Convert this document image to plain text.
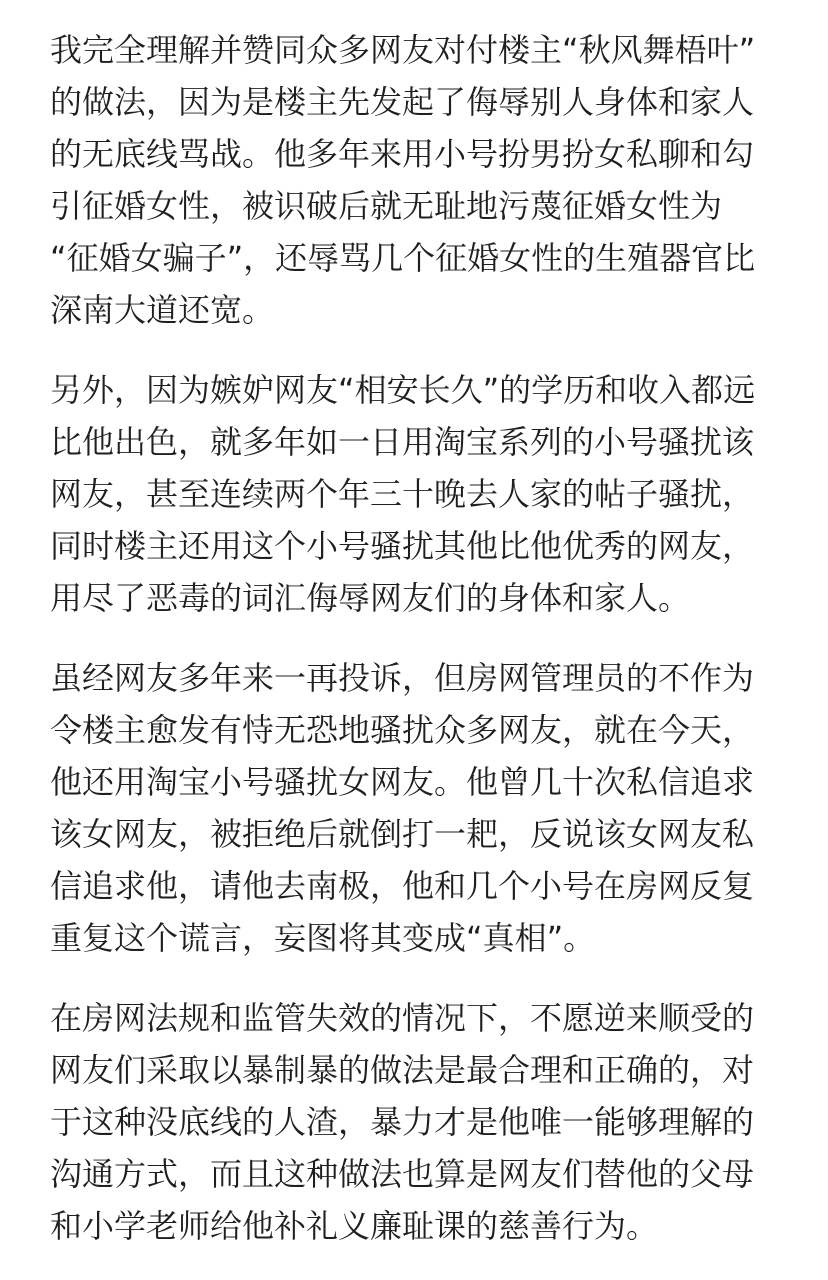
我完全理解并赞同众多网友对付楼主“秋风舞梧叶”
的做法，因为是楼主先发起了侮辱别人身体和家人
的无底线骂战。他多年来用小号扮男扮女私聊和勾
引征婚女性，被识破后就无耻地污蔑征婚女性为
“征婚女骗子”，还辱骂几个征婚女性的生殖器官比
深南大道还宽。
另外，因为嫉妒网友“相安长久”的学历和收入都远
比他出色，就多年如一日用淘宝系列的小号骚扰该
网友，甚至连续两个年三十晚去人家的帖子骚扰，
同时楼主还用这个小号骚扰其他比他优秀的网友，
用尽了恶毒的词汇侮辱网友们的身体和家人。
虽经网友多年来一再投诉，但房网管理员的不作为
令楼主愈发有恃无恐地骚扰众多网友，就在今天，
他还用淘宝小号骚扰女网友。他曾几十次私信追求
该女网友，被拒绝后就倒打一耙，反说该女网友私
信追求他，请他去南极，他和几个小号在房网反复
重复这个谎言，妄图将其变成“真相”。
在房网法规和监管失效的情况下，不愿逆来顺受的
网友们采取以暴制暴的做法是最合理和正确的，对
于这种没底线的人渣，暴力才是他唯一能够理解的
沟通方式，而且这种做法也算是网友们替他的父母
和小学老师给他补礼义廉耻课的慈善行为。
